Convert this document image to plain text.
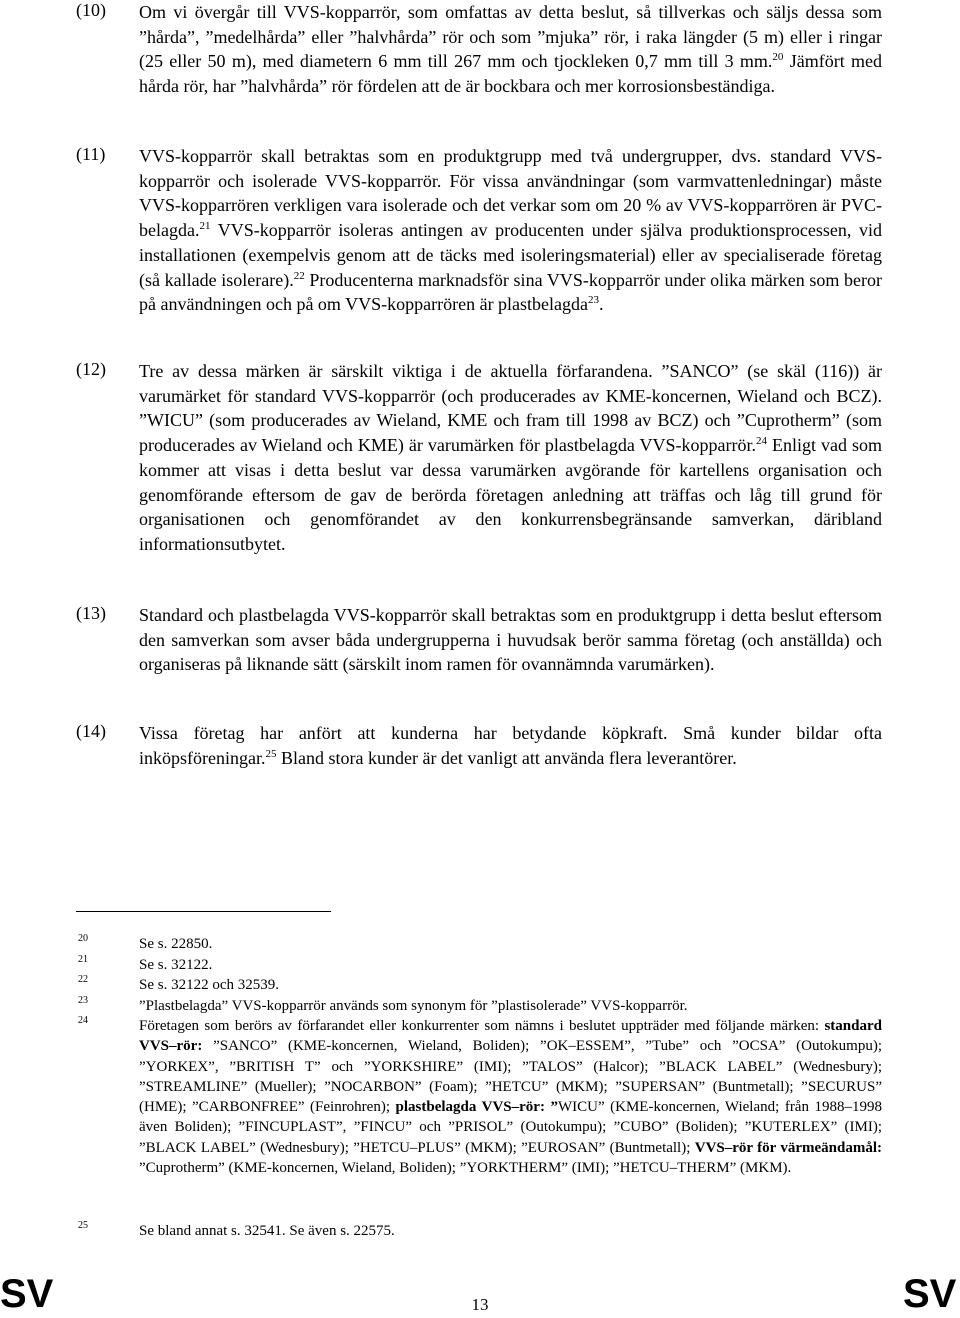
(10) Om vi övergår till VVS-kopparrör, som omfattas av detta beslut, så tillverkas och säljs dessa som ”hårda”, ”medelhårda” eller ”halvhårda” rör och som ”mjuka” rör, i raka längder (5 m) eller i ringar (25 eller 50 m), med diametern 6 mm till 267 mm och tjockleken 0,7 mm till 3 mm.$^{20}$ Jämfört med hårda rör, har ”halvhårda” rör fördelen att de är bockbara och mer korrosionsbeständiga.
(11) VVS-kopparrör skall betraktas som en produktgrupp med två undergrupper, dvs. standard VVS-kopparrör och isolerade VVS-kopparrör. För vissa användningar (som varmvattenledningar) måste VVS-kopparrören verkligen vara isolerade och det verkar som om 20 % av VVS-kopparrören är PVC-belagda.$^{21}$ VVS-kopparrör isoleras antingen av producenten under själva produktionsprocessen, vid installationen (exempelvis genom att de täcks med isoleringsmaterial) eller av specialiserade företag (så kallade isolerare).$^{22}$ Producenterna marknadsför sina VVS-kopparrör under olika märken som beror på användningen och på om VVS-kopparrören är plastbelagda$^{23}$.
(12) Tre av dessa märken är särskilt viktiga i de aktuella förfarandena. ”SANCO” (se skäl (116)) är varumärket för standard VVS-kopparrör (och producerades av KME-koncernen, Wieland och BCZ). ”WICU” (som producerades av Wieland, KME och fram till 1998 av BCZ) och ”Cuprotherm” (som producerades av Wieland och KME) är varumärken för plastbelagda VVS-kopparrör.$^{24}$ Enligt vad som kommer att visas i detta beslut var dessa varumärken avgörande för kartellens organisation och genomförande eftersom de gav de berörda företagen anledning att träffas och låg till grund för organisationen och genomförandet av den konkurrensbegränsande samverkan, däribland informationsutbytet.
(13) Standard och plastbelagda VVS-kopparrör skall betraktas som en produktgrupp i detta beslut eftersom den samverkan som avser båda undergrupperna i huvudsak berör samma företag (och anställda) och organiseras på liknande sätt (särskilt inom ramen för ovannämnda varumärken).
(14) Vissa företag har anfört att kunderna har betydande köpkraft. Små kunder bildar ofta inköpsföreningar.$^{25}$ Bland stora kunder är det vanligt att använda flera leverantörer.
20	Se s. 22850.
21	Se s. 32122.
22	Se s. 32122 och 32539.
23	”Plastbelagda” VVS-kopparrör används som synonym för ”plastisolerade” VVS-kopparrör.
24	Företagen som berörs av förfarandet eller konkurrenter som nämns i beslutet uppträder med följande märken: standard VVS–rör: ”SANCO” (KME-koncernen, Wieland, Boliden); ”OK–ESSEM”, ”Tube” och ”OCSA” (Outokumpu); ”YORKEX”, ”BRITISH T” och ”YORKSHIRE” (IMI); ”TALOS” (Halcor); ”BLACK LABEL” (Wednesbury); ”STREAMLINE” (Mueller); ”NOCARBON” (Foam); ”HETCU” (MKM); ”SUPERSAN” (Buntmetall); ”SECURUS” (HME); ”CARBONFREE” (Feinrohren); plastbelagda VVS–rör: ”WICU” (KME-koncernen, Wieland; från 1988–1998 även Boliden); ”FINCUPLAST”, ”FINCU” och ”PRISOL” (Outokumpu); ”CUBO” (Boliden); ”KUTERLEX” (IMI); ”BLACK LABEL” (Wednesbury); ”HETCU–PLUS” (MKM); ”EUROSAN” (Buntmetall); VVS–rör för värmeändamål: ”Cuprotherm” (KME-koncernen, Wieland, Boliden); ”YORKTHERM” (IMI); ”HETCU–THERM” (MKM).
25	Se bland annat s. 32541. Se även s. 22575.
SV	13	SV
